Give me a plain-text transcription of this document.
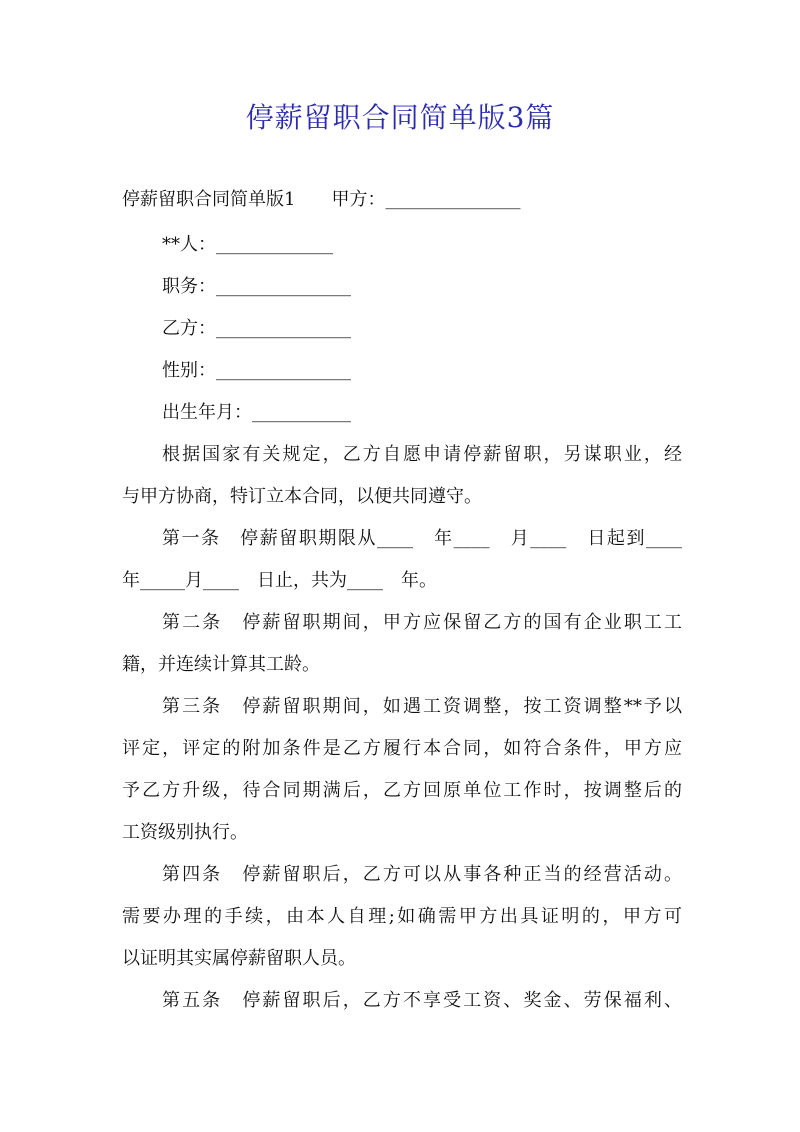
停薪留职合同简单版3篇
停薪留职合同简单版1　　甲方：_______________
**人：_____________
职务：_______________
乙方：_______________
性别：_______________
出生年月：___________
根据国家有关规定，乙方自愿申请停薪留职，另谋职业，经
与甲方协商，特订立本合同，以便共同遵守。
第一条　停薪留职期限从____　年____　月____　日起到____
年_____月____　日止，共为____　年。
第二条　停薪留职期间，甲方应保留乙方的国有企业职工工
籍，并连续计算其工龄。
第三条　停薪留职期间，如遇工资调整，按工资调整**予以
评定，评定的附加条件是乙方履行本合同，如符合条件，甲方应
予乙方升级，待合同期满后，乙方回原单位工作时，按调整后的
工资级别执行。
第四条　停薪留职后，乙方可以从事各种正当的经营活动。
需要办理的手续，由本人自理;如确需甲方出具证明的，甲方可
以证明其实属停薪留职人员。
第五条　停薪留职后，乙方不享受工资、奖金、劳保福利、
